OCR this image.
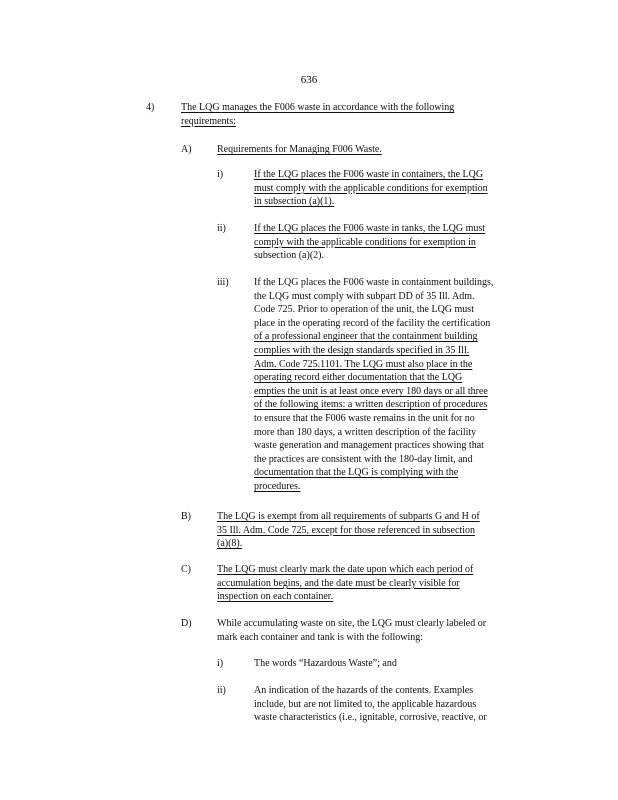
636
4)	The LQG manages the F006 waste in accordance with the following
requirements:
A)	Requirements for Managing F006 Waste.
i)	If the LQG places the F006 waste in containers, the LQG
must comply with the applicable conditions for exemption
in subsection (a)(1).
ii)	If the LQG places the F006 waste in tanks, the LQG must
comply with the applicable conditions for exemption in
subsection (a)(2).
iii)	If the LQG places the F006 waste in containment buildings,
the LQG must comply with subpart DD of 35 Ill. Adm.
Code 725. Prior to operation of the unit, the LQG must
place in the operating record of the facility the certification
of a professional engineer that the containment building
complies with the design standards specified in 35 Ill.
Adm. Code 725.1101. The LQG must also place in the
operating record either documentation that the LQG
empties the unit is at least once every 180 days or all three
of the following items: a written description of procedures
to ensure that the F006 waste remains in the unit for no
more than 180 days, a written description of the facility
waste generation and management practices showing that
the practices are consistent with the 180-day limit, and
documentation that the LQG is complying with the
procedures.
B)	The LQG is exempt from all requirements of subparts G and H of
35 Ill. Adm. Code 725, except for those referenced in subsection
(a)(8).
C)	The LQG must clearly mark the date upon which each period of
accumulation begins, and the date must be clearly visible for
inspection on each container.
D)	While accumulating waste on site, the LQG must clearly labeled or
mark each container and tank is with the following:
i)	The words “Hazardous Waste”; and
ii)	An indication of the hazards of the contents. Examples
include, but are not limited to, the applicable hazardous
waste characteristics (i.e., ignitable, corrosive, reactive, or
